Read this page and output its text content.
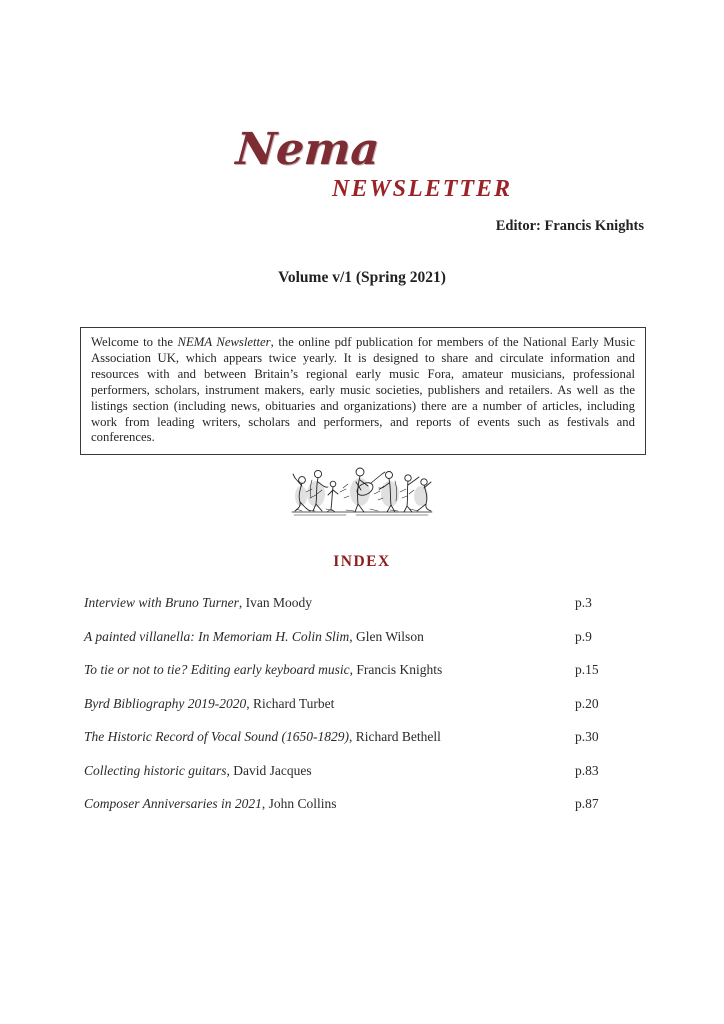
Nema
NEWSLETTER
Editor: Francis Knights
Volume v/1 (Spring 2021)
Welcome to the NEMA Newsletter, the online pdf publication for members of the National Early Music Association UK, which appears twice yearly. It is designed to share and circulate information and resources with and between Britain’s regional early music Fora, amateur musicians, professional performers, scholars, instrument makers, early music societies, publishers and retailers. As well as the listings section (including news, obituaries and organizations) there are a number of articles, including work from leading writers, scholars and performers, and reports of events such as festivals and conferences.
INDEX
Interview with Bruno Turner , Ivan Moody	p.3
A painted villanella: In Memoriam H. Colin Slim , Glen Wilson	p.9
To tie or not to tie? Editing early keyboard music , Francis Knights	p.15
Byrd Bibliography 2019-2020 , Richard Turbet	p.20
The Historic Record of Vocal Sound (1650-1829) , Richard Bethell	p.30
Collecting historic guitars , David Jacques	p.83
Composer Anniversaries in 2021 , John Collins	p.87
